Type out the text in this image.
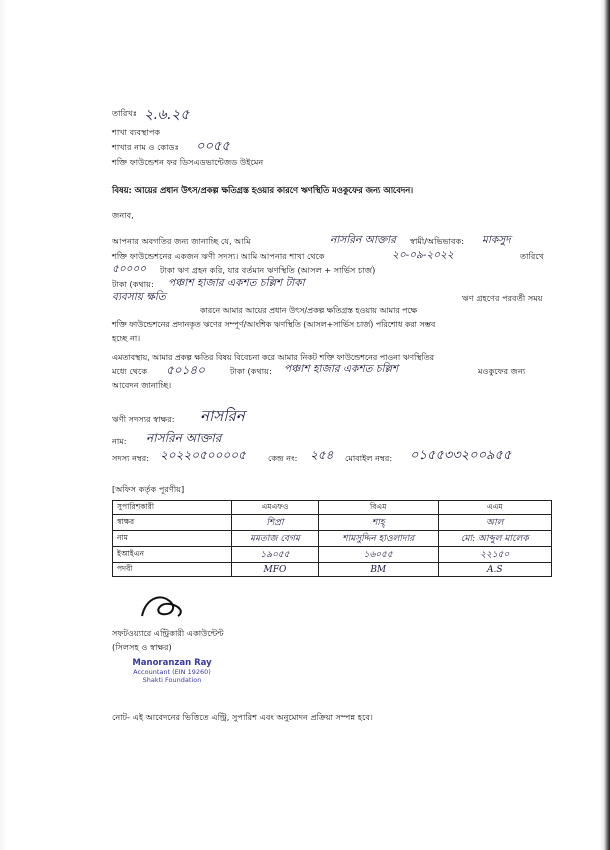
তারিখঃ ২.৬.২৫
শাখা ব্যবস্থাপক
শাখার নাম ও কোডঃ ০০৫৫
শক্তি ফাউন্ডেশন ফর ডিসএডভান্টেজড উইমেন
বিষয়: আয়ের প্রধান উৎস/প্রকল্প ক্ষতিগ্রস্ত হওয়ার কারণে ঋণস্থিতি মওকুফের জন্য আবেদন।
জনাব,
আপনার অবগতির জন্য জানাচ্ছি যে, আমি	নাসরিন আক্তার স্বামী/অভিভাবক: মাকসুদ
শক্তি ফাউন্ডেশনের একজন ঋণী সদস্য। আমি আপনার শাখা থেকে	২০-০৯-২০২২	তারিখে
৫০০০০ টাকা ঋণ গ্রহন করি, যার বর্তমান ঋণস্থিতি (আসল + সার্ভিস চার্জ)
টাকা (কথায়: পঞ্চাশ হাজার একশত চল্লিশ টাকা
ঋণ গ্রহণের পরবর্তী সময়
ব্যবসায় ক্ষতি
কারনে আমার আয়ের প্রধান উৎস/প্রকল্প ক্ষতিগ্রস্ত হওয়ায় আমার পক্ষে
শক্তি ফাউন্ডেশনের প্রদানকৃত ঋণের সম্পূর্ণ/আংশিক ঋণস্থিতি (আসল+সার্ভিস চার্জ) পরিশোধ করা সম্ভব
হচ্ছে না।
এমতাবস্থায়, আমার প্রকল্প ক্ষতির বিষয় বিবেচনা করে আমার নিকট শক্তি ফাউন্ডেশনের পাওনা ঋণস্থিতির
মধ্যে থেকে ৫০১৪০	টাকা (কথায়: পঞ্চাশ হাজার একশত চল্লিশ	মওকুফের জন্য
আবেদন জানাচ্ছি।
ঋণী সদস্যর স্বাক্ষর: নাসরিন
নাম: নাসরিন আক্তার
সদস্য নম্বর: ২০২২০৫০০০০৫	কেন্দ্র নং: ২৫৪ মোবাইল নম্বর: ০১৫৫৩৩২০০৯৫৫
[অফিস কর্তৃক পূরণীয়]
সুপারিশকারী	এমএফও	বিএম	এএম
স্বাক্ষর	শিপ্রা	শাহ্	আল
নাম	মমতাজ বেগম	শামসুদ্দিন হাওলাদার	মো: আব্দুল মালেক
ইআইএন	১৯০৫৫	১৬০৫৫	২২১৫০
পদবী	MFO	BM	A.S
সফটওয়্যারে এন্ট্রিকারী একাউন্টেন্ট
(সিলসহ ও স্বাক্ষর)
Manoranzan Ray
Accountant (EIN 19260)
Shakti Foundation
নোট- এই আবেদনের ভিত্তিতে এন্ট্রি, সুপারিশ এবং অনুমোদন প্রক্রিয়া সম্পন্ন হবে।
